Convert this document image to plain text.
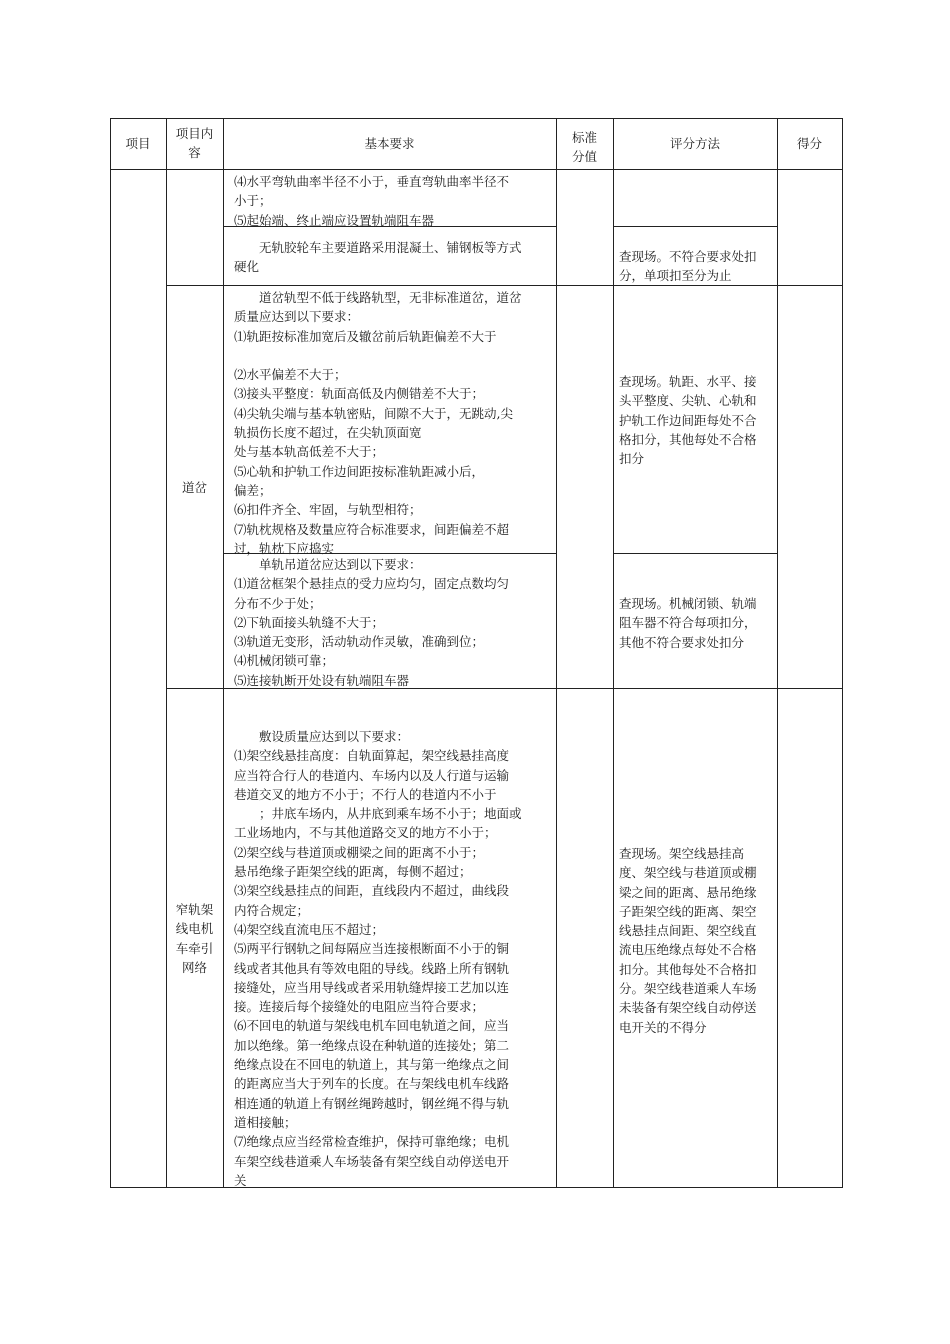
项目
项目内
容
基本要求	标准
分值
评分方法	得分
⑷水平弯轨曲率半径不小于，垂直弯轨曲率半径不
小于；
⑸起始端、终止端应设置轨端阻车器
　　无轨胶轮车主要道路采用混凝土、铺钢板等方式
硬化
查现场。不符合要求处扣
分，单项扣至分为止
道岔
　　道岔轨型不低于线路轨型，无非标准道岔，道岔
质量应达到以下要求：
⑴轨距按标准加宽后及辙岔前后轨距偏差不大于
⑵水平偏差不大于；
⑶接头平整度：轨面高低及内侧错差不大于；
⑷尖轨尖端与基本轨密贴，间隙不大于，无跳动,尖
轨损伤长度不超过，在尖轨顶面宽
处与基本轨高低差不大于；
⑸心轨和护轨工作边间距按标准轨距减小后，
偏差；
⑹扣件齐全、牢固，与轨型相符；
⑺轨枕规格及数量应符合标准要求，间距偏差不超
过，轨枕下应捣实
查现场。轨距、水平、接
头平整度、尖轨、心轨和
护轨工作边间距每处不合
格扣分，其他每处不合格
扣分
　　单轨吊道岔应达到以下要求：
⑴道岔框架个悬挂点的受力应均匀，固定点数均匀
分布不少于处；
⑵下轨面接头轨缝不大于；
⑶轨道无变形，活动轨动作灵敏，准确到位；
⑷机械闭锁可靠；
⑸连接轨断开处设有轨端阻车器
查现场。机械闭锁、轨端
阻车器不符合每项扣分，
其他不符合要求处扣分
窄轨架
线电机
车牵引
网络
　　敷设质量应达到以下要求：
⑴架空线悬挂高度：自轨面算起，架空线悬挂高度
应当符合行人的巷道内、车场内以及人行道与运输
巷道交叉的地方不小于；不行人的巷道内不小于
　　；井底车场内，从井底到乘车场不小于；地面或
工业场地内，不与其他道路交叉的地方不小于；
⑵架空线与巷道顶或棚梁之间的距离不小于；
悬吊绝缘子距架空线的距离，每侧不超过；
⑶架空线悬挂点的间距，直线段内不超过，曲线段
内符合规定；
⑷架空线直流电压不超过；
⑸两平行钢轨之间每隔应当连接根断面不小于的铜
线或者其他具有等效电阻的导线。线路上所有钢轨
接缝处，应当用导线或者采用轨缝焊接工艺加以连
接。连接后每个接缝处的电阻应当符合要求；
⑹不回电的轨道与架线电机车回电轨道之间，应当
加以绝缘。第一绝缘点设在种轨道的连接处；第二
绝缘点设在不回电的轨道上，其与第一绝缘点之间
的距离应当大于列车的长度。在与架线电机车线路
相连通的轨道上有钢丝绳跨越时，钢丝绳不得与轨
道相接触；
⑺绝缘点应当经常检查维护，保持可靠绝缘；电机
车架空线巷道乘人车场装备有架空线自动停送电开
关
查现场。架空线悬挂高
度、架空线与巷道顶或棚
梁之间的距离、悬吊绝缘
子距架空线的距离、架空
线悬挂点间距、架空线直
流电压绝缘点每处不合格
扣分。其他每处不合格扣
分。架空线巷道乘人车场
未装备有架空线自动停送
电开关的不得分
